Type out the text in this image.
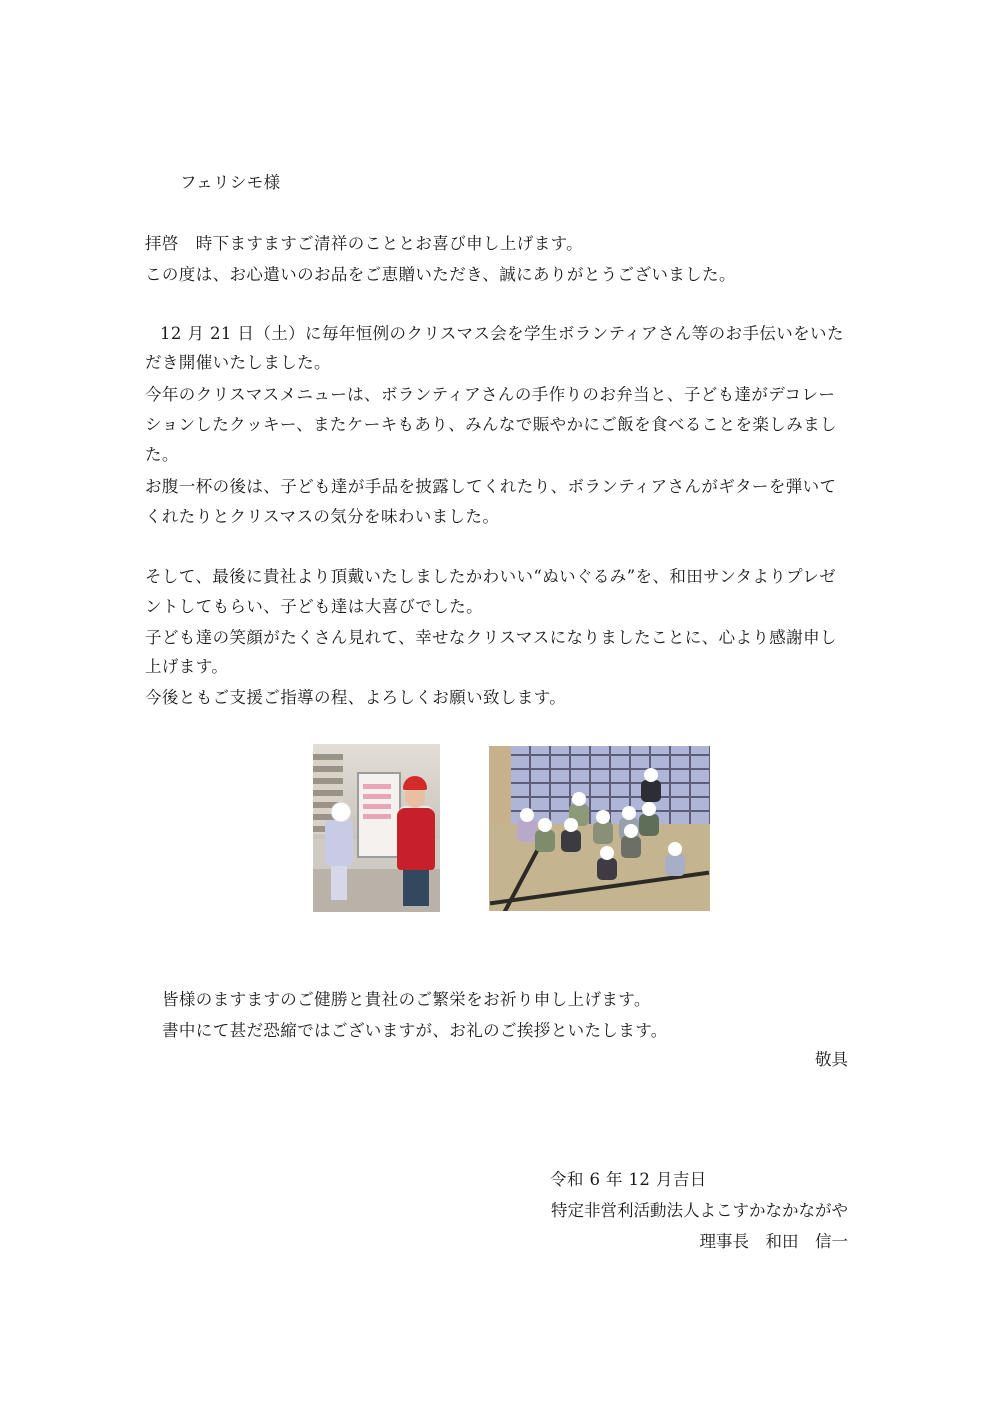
フェリシモ様
拝啓　時下ますますご清祥のこととお喜び申し上げます。
この度は、お心遣いのお品をご恵贈いただき、誠にありがとうございました。
12 月 21 日（土）に毎年恒例のクリスマス会を学生ボランティアさん等のお手伝いをいた
だき開催いたしました。
今年のクリスマスメニューは、ボランティアさんの手作りのお弁当と、子ども達がデコレー
ションしたクッキー、またケーキもあり、みんなで賑やかにご飯を食べることを楽しみまし
た。
お腹一杯の後は、子ども達が手品を披露してくれたり、ボランティアさんがギターを弾いて
くれたりとクリスマスの気分を味わいました。
そして、最後に貴社より頂戴いたしましたかわいい“ぬいぐるみ”を、和田サンタよりプレゼ
ントしてもらい、子ども達は大喜びでした。
子ども達の笑顔がたくさん見れて、幸せなクリスマスになりましたことに、心より感謝申し
上げます。
今後ともご支援ご指導の程、よろしくお願い致します。
皆様のますますのご健勝と貴社のご繁栄をお祈り申し上げます。
書中にて甚だ恐縮ではございますが、お礼のご挨拶といたします。
敬具
令和 6 年 12 月吉日
特定非営利活動法人よこすかなかながや
理事長　和田　信一
